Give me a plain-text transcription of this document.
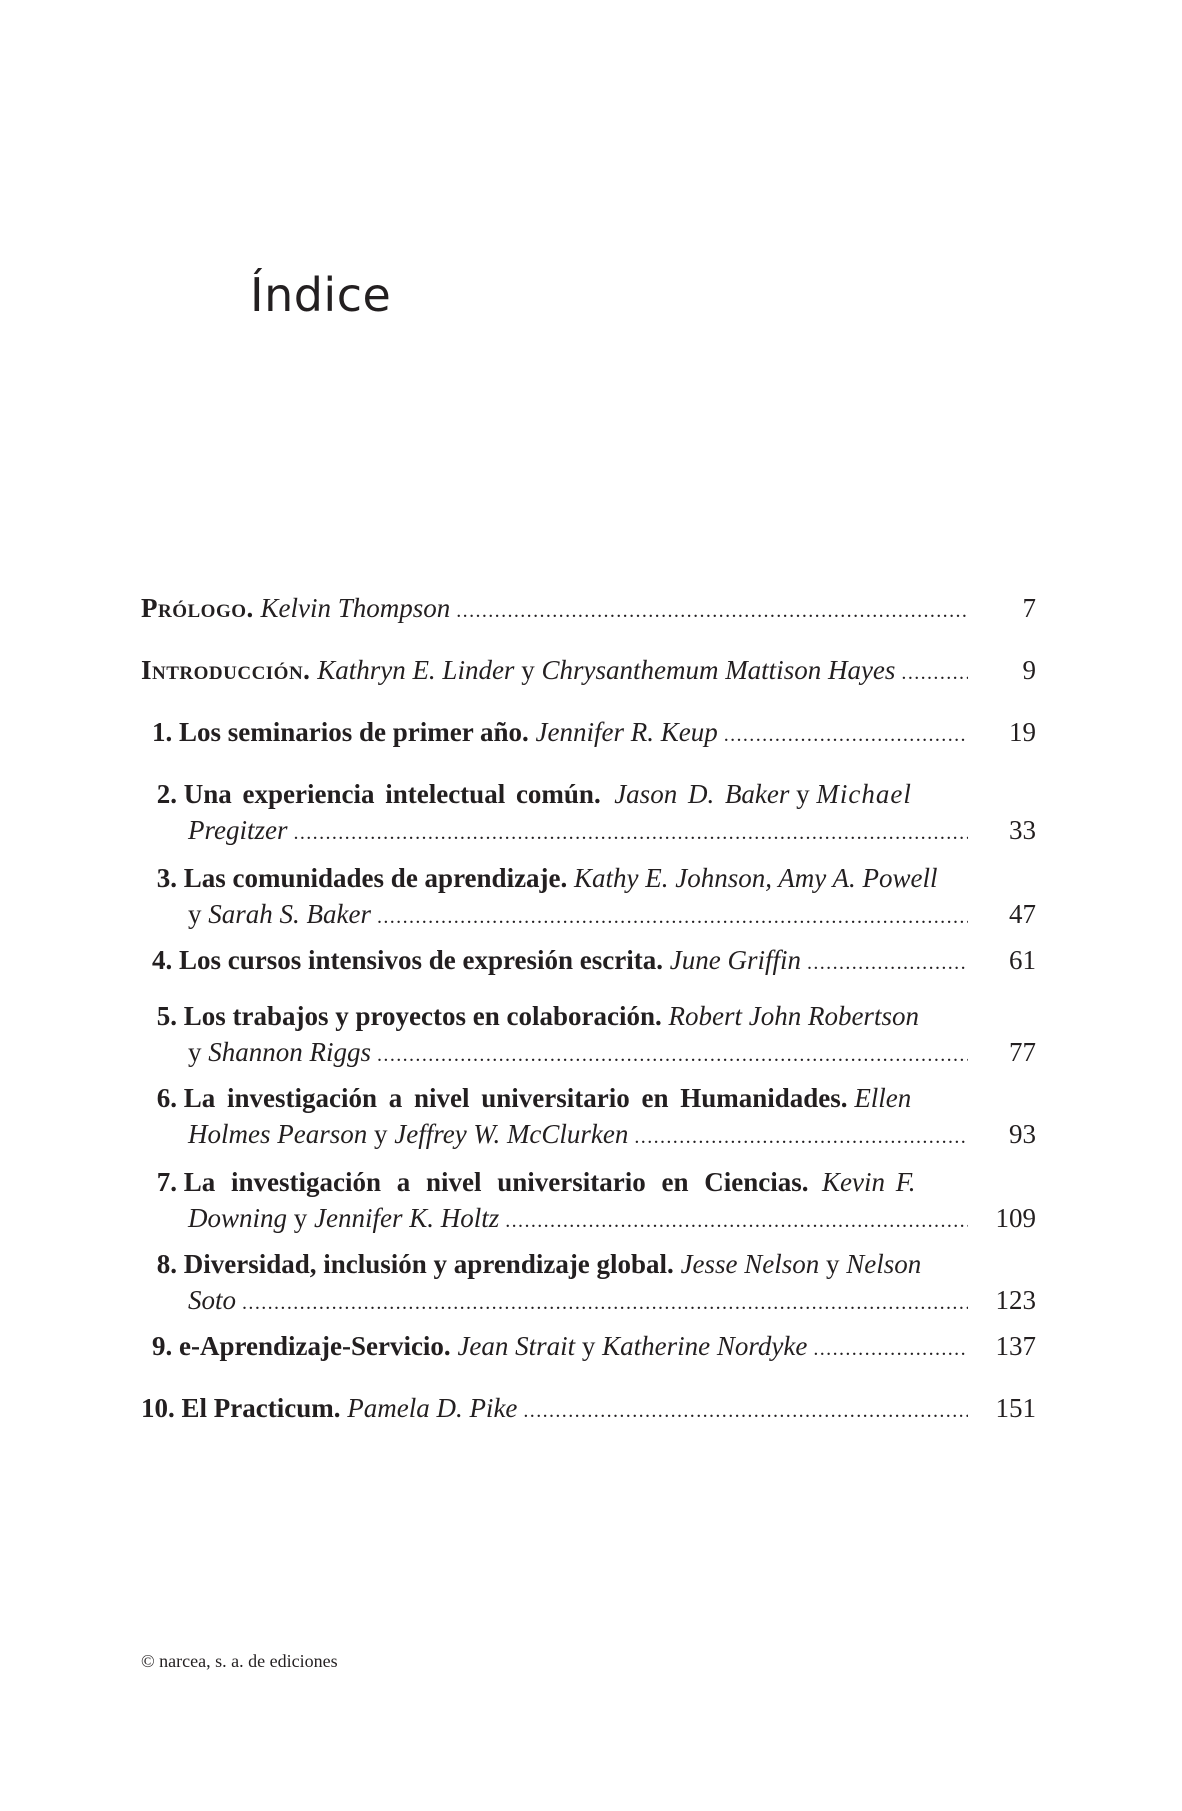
Índice
Prólogo.
Kelvin Thompson .....	7
Introducción.
Kathryn E. Linder y Chrysanthemum Mattison Hayes .....	9
1.
Los seminarios de primer año.
Jennifer R. Keup .....	19
2.
Una experiencia intelectual común.
Jason D. Baker y Michael
Pregitzer .....	33
3.
Las comunidades de aprendizaje.
Kathy E. Johnson, Amy A. Powell
y Sarah S. Baker .....	47
4.
Los cursos intensivos de expresión escrita.
June Griffin .....	61
5.
Los trabajos y proyectos en colaboración.
Robert John Robertson
y Shannon Riggs .....	77
6.
La investigación a nivel universitario en Humanidades.
Ellen
Holmes Pearson y Jeffrey W. McClurken .....	93
7.
La investigación a nivel universitario en Ciencias.
Kevin F.
Downing y Jennifer K. Holtz .....	109
8.
Diversidad, inclusión y aprendizaje global.
Jesse Nelson y Nelson
Soto .....	123
9.
e-Aprendizaje-Servicio.
Jean Strait y Katherine Nordyke .....	137
10.
El Practicum.
Pamela D. Pike .....	151
© narcea, s. a. de ediciones
